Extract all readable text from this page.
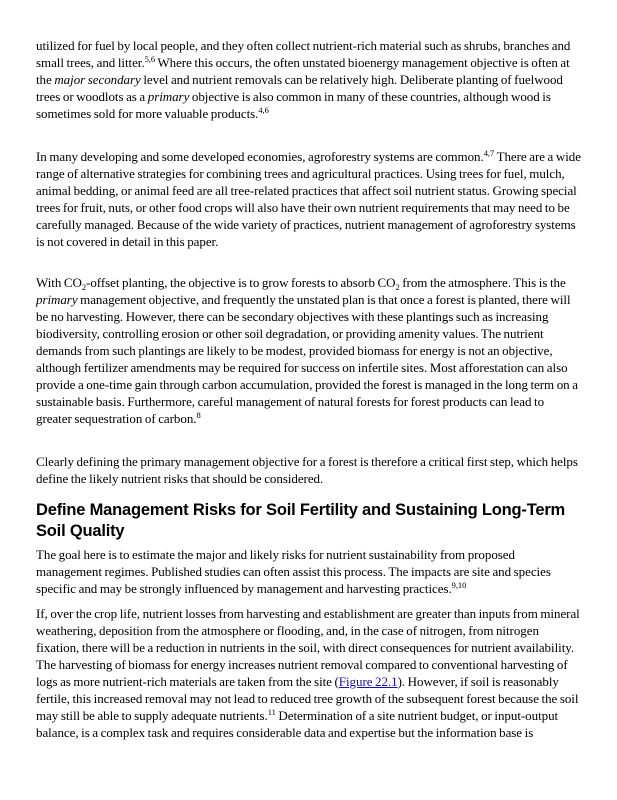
utilized for fuel by local people, and they often collect nutrient-rich material such as shrubs, branches and small trees, and litter.$^{5,6}$ Where this occurs, the often unstated bioenergy management objective is often at the major secondary level and nutrient removals can be relatively high. Deliberate planting of fuelwood trees or woodlots as a primary objective is also common in many of these countries, although wood is sometimes sold for more valuable products.$^{4,6}$

In many developing and some developed economies, agroforestry systems are common.$^{4,7}$ There are a wide range of alternative strategies for combining trees and agricultural practices. Using trees for fuel, mulch, animal bedding, or animal feed are all tree-related practices that affect soil nutrient status. Growing special trees for fruit, nuts, or other food crops will also have their own nutrient requirements that may need to be carefully managed. Because of the wide variety of practices, nutrient management of agroforestry systems is not covered in detail in this paper.

With $CO_2$-offset planting, the objective is to grow forests to absorb $CO_2$ from the atmosphere. This is the primary management objective, and frequently the unstated plan is that once a forest is planted, there will be no harvesting. However, there can be secondary objectives with these plantings such as increasing biodiversity, controlling erosion or other soil degradation, or providing amenity values. The nutrient demands from such plantings are likely to be modest, provided biomass for energy is not an objective, although fertilizer amendments may be required for success on infertile sites. Most afforestation can also provide a one-time gain through carbon accumulation, provided the forest is managed in the long term on a sustainable basis. Furthermore, careful management of natural forests for forest products can lead to greater sequestration of carbon.$^8$

Clearly defining the primary management objective for a forest is therefore a critical first step, which helps define the likely nutrient risks that should be considered.

Define Management Risks for Soil Fertility and Sustaining Long-Term Soil Quality

The goal here is to estimate the major and likely risks for nutrient sustainability from proposed management regimes. Published studies can often assist this process. The impacts are site and species specific and may be strongly influenced by management and harvesting practices.$^{9,10}$

If, over the crop life, nutrient losses from harvesting and establishment are greater than inputs from mineral weathering, deposition from the atmosphere or flooding, and, in the case of nitrogen, from nitrogen fixation, there will be a reduction in nutrients in the soil, with direct consequences for nutrient availability. The harvesting of biomass for energy increases nutrient removal compared to conventional harvesting of logs as more nutrient-rich materials are taken from the site (Figure 22.1). However, if soil is reasonably fertile, this increased removal may not lead to reduced tree growth of the subsequent forest because the soil may still be able to supply adequate nutrients.$^{11}$ Determination of a site nutrient budget, or input-output balance, is a complex task and requires considerable data and expertise but the information base is
